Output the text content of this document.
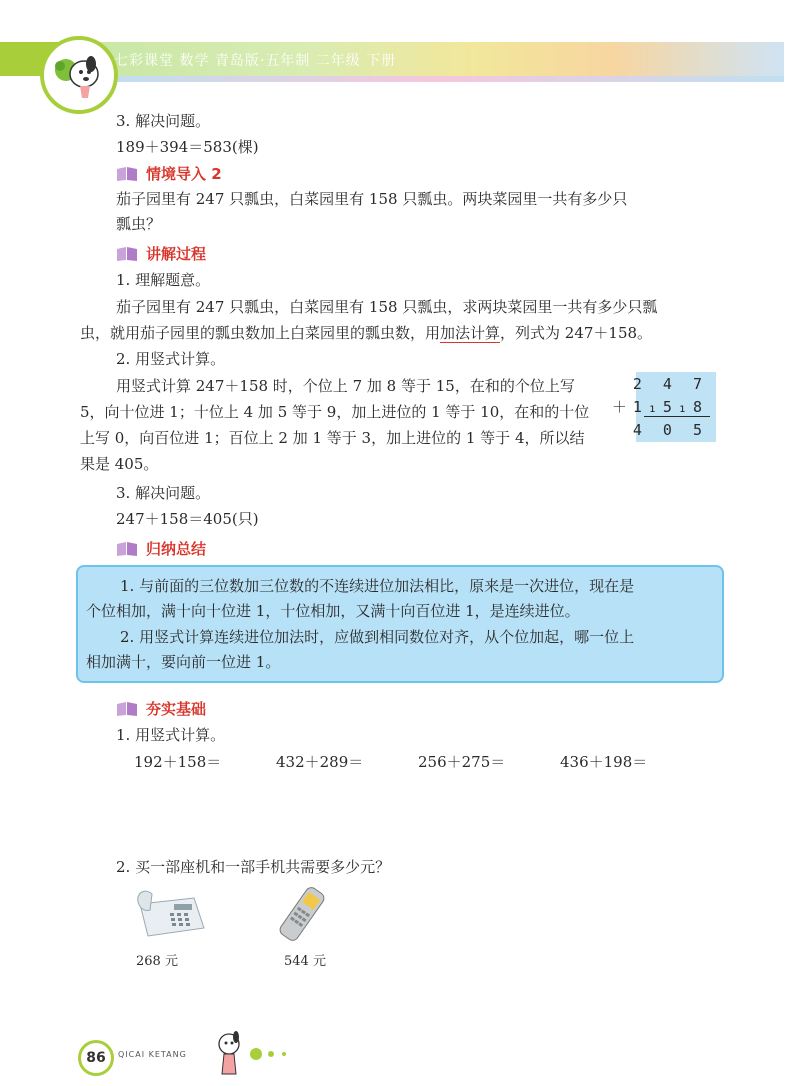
七彩课堂 数学 青岛版·五年制 二年级 下册
3. 解决问题。
189＋394＝583(棵)
情境导入 2
茄子园里有 247 只瓢虫，白菜园里有 158 只瓢虫。两块菜园里一共有多少只
瓢虫？
讲解过程
1. 理解题意。
茄子园里有 247 只瓢虫，白菜园里有 158 只瓢虫，求两块菜园里一共有多少只瓢
虫，就用茄子园里的瓢虫数加上白菜园里的瓢虫数，用加法计算，列式为 247＋158。
2. 用竖式计算。
用竖式计算 247＋158 时，个位上 7 加 8 等于 15，在和的个位上写
5，向十位进 1；十位上 4 加 5 等于 9，加上进位的 1 等于 10，在和的十位
上写 0，向百位进 1；百位上 2 加 1 等于 3，加上进位的 1 等于 4，所以结
果是 405。
3. 解决问题。
247＋158＝405(只)
2 4 7
＋1₁5₁8
4 0 5
归纳总结
1. 与前面的三位数加三位数的不连续进位加法相比，原来是一次进位，现在是
个位相加，满十向十位进 1，十位相加，又满十向百位进 1，是连续进位。
2. 用竖式计算连续进位加法时，应做到相同数位对齐，从个位加起，哪一位上
相加满十，要向前一位进 1。
夯实基础
1. 用竖式计算。
192＋158＝	432＋289＝	256＋275＝	436＋198＝
2. 买一部座机和一部手机共需要多少元？
268 元	544 元
86	QICAI KETANG
